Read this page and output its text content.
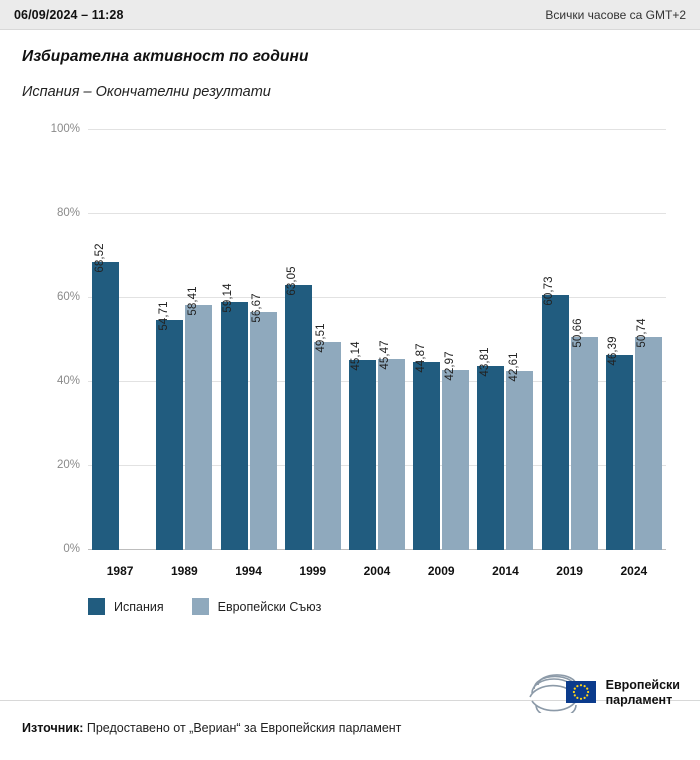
06/09/2024 – 11:28	Всички часове са GMT+2
Избирателна активност по години
Испания – Окончателни резултати
0%
20%
40%
60%
80%
100%
68,52
54,71
58,41 59,14 56,67
63,05
49,51
45,14 45,47 44,87 42,97 43,81 42,61
60,73
50,66
46,39
50,74
1987	1989	1994	1999	2004	2009	2014	2019	2024
Испания	Европейски Съюз
Източник: Предоставено от „Вериан“ за Европейския парламент
Европейски
парламент
